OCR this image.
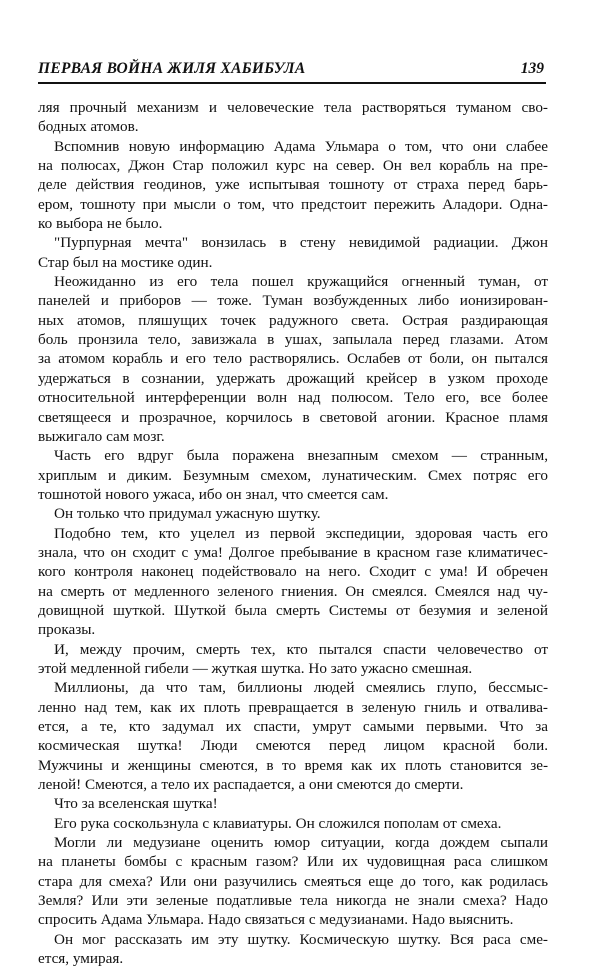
ПЕРВАЯ ВОЙНА ЖИЛЯ ХАБИБУЛА	139
ляя прочный механизм и человеческие тела растворяться туманом сво-
бодных атомов.
Вспомнив новую информацию Адама Ульмара о том, что они слабее
на полюсах, Джон Стар положил курс на север. Он вел корабль на пре-
деле действия геодинов, уже испытывая тошноту от страха перед барь-
ером, тошноту при мысли о том, что предстоит пережить Аладори. Одна-
ко выбора не было.
"Пурпурная мечта" вонзилась в стену невидимой радиации. Джон
Стар был на мостике один.
Неожиданно из его тела пошел кружащийся огненный туман, от
панелей и приборов — тоже. Туман возбужденных либо ионизирован-
ных атомов, пляшущих точек радужного света. Острая раздирающая
боль пронзила тело, завизжала в ушах, запылала перед глазами. Атом
за атомом корабль и его тело растворялись. Ослабев от боли, он пытался
удержаться в сознании, удержать дрожащий крейсер в узком проходе
относительной интерференции волн над полюсом. Тело его, все более
светящееся и прозрачное, корчилось в светoвой агонии. Красное пламя
выжигало сам мозг.
Часть его вдруг была поражена внезапным смехом — странным,
хриплым и диким. Безумным смехом, лунатическим. Смех потряс его
тошнотой нового ужаса, ибо он знал, что смеется сам.
Он только что придумал ужасную шутку.
Подобно тем, кто уцелел из первой экспедиции, здоровая часть его
знала, что он сходит с ума! Долгое пребывание в красном газе климатичес-
кого контроля наконец подействовало на него. Сходит с ума! И обречен
на смерть от медленного зеленого гниения. Он смеялся. Смеялся над чу-
довищной шуткой. Шуткой была смерть Системы от безумия и зеленой
проказы.
И, между прочим, смерть тех, кто пытался спасти человечество от
этой медленной гибели — жуткая шутка. Но зато ужасно смешная.
Миллионы, да что там, биллионы людей смеялись глупо, бессмыс-
ленно над тем, как их плоть превращается в зеленую гниль и отвалива-
ется, а те, кто задумал их спасти, умрут самыми первыми. Что за
космическая шутка! Люди смеются перед лицом красной боли.
Мужчины и женщины смеются, в то время как их плоть становится зе-
леной! Смеются, а тело их распадается, а они смеются до смерти.
Что за вселенская шутка!
Его рука соскользнула с клавиатуры. Он сложился пополам от смеха.
Могли ли медузиане оценить юмор ситуации, когда дождем сыпали
на планеты бомбы с красным газом? Или их чудовищная раса слишком
стара для смеха? Или они разучились смеяться еще до того, как родилась
Земля? Или эти зеленые податливые тела никогда не знали смеха? Надо
спросить Адама Ульмара. Надо связаться с медузианами. Надо выяснить.
Он мог рассказать им эту шутку. Космическую шутку. Вся раса сме-
ется, умирая.
